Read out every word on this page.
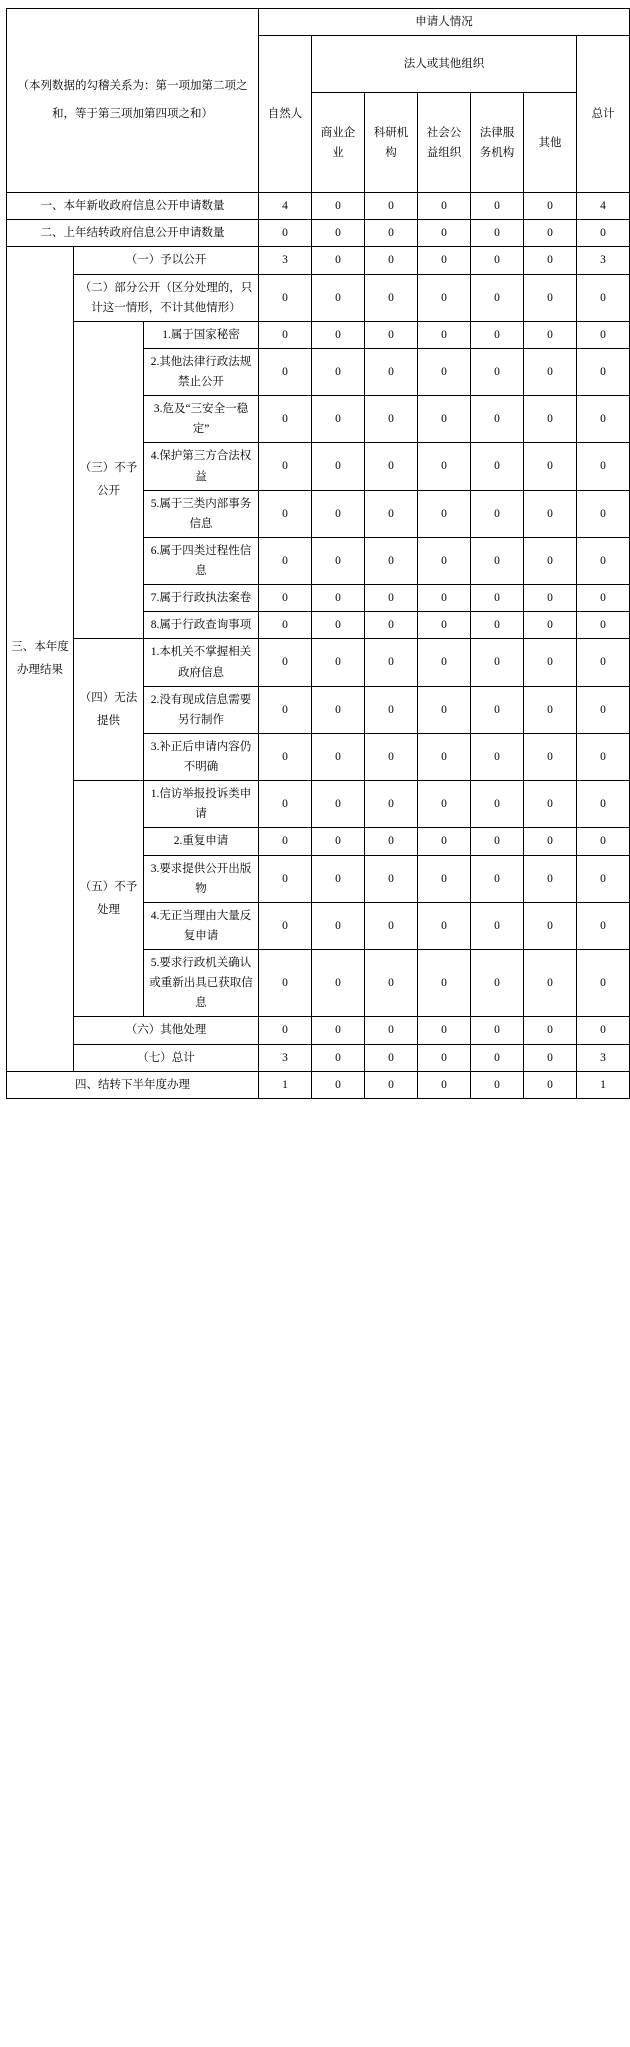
（本列数据的勾稽关系为：第一项加第二项之和，等于第三项加第四项之和）			申请人情况						
			自然人	法人或其他组织					总计
				商业企业	科研机构	社会公益组织	法律服务机构	其他	
一、本年新收政府信息公开申请数量			4	0	0	0	0	0	4
二、上年结转政府信息公开申请数量			0	0	0	0	0	0	0
三、本年度办理结果	（一）予以公开		3	0	0	0	0	0	3
	（二）部分公开（区分处理的，只计这一情形，不计其他情形）		0	0	0	0	0	0	0
	（三）不予公开	1.属于国家秘密	0	0	0	0	0	0	0
		2.其他法律行政法规禁止公开	0	0	0	0	0	0	0
		3.危及“三安全一稳定”	0	0	0	0	0	0	0
		4.保护第三方合法权益	0	0	0	0	0	0	0
		5.属于三类内部事务信息	0	0	0	0	0	0	0
		6.属于四类过程性信息	0	0	0	0	0	0	0
		7.属于行政执法案卷	0	0	0	0	0	0	0
		8.属于行政查询事项	0	0	0	0	0	0	0
	（四）无法提供	1.本机关不掌握相关政府信息	0	0	0	0	0	0	0
		2.没有现成信息需要另行制作	0	0	0	0	0	0	0
		3.补正后申请内容仍不明确	0	0	0	0	0	0	0
	（五）不予处理	1.信访举报投诉类申请	0	0	0	0	0	0	0
		2.重复申请	0	0	0	0	0	0	0
		3.要求提供公开出版物	0	0	0	0	0	0	0
		4.无正当理由大量反复申请	0	0	0	0	0	0	0
		5.要求行政机关确认或重新出具已获取信息	0	0	0	0	0	0	0
	（六）其他处理		0	0	0	0	0	0	0
	（七）总计		3	0	0	0	0	0	3
四、结转下半年度办理			1	0	0	0	0	0	1
